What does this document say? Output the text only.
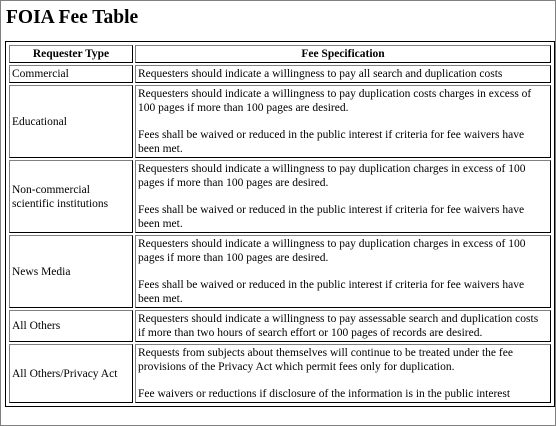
FOIA Fee Table
Requester Type	Fee Specification
Commercial	Requesters should indicate a willingness to pay all search and duplication costs

Educational	Requesters should indicate a willingness to pay duplication costs charges in excess of 100 pages if more than 100 pages are desired.

Fees shall be waived or reduced in the public interest if criteria for fee waivers have been met.

Non-commercial scientific institutions	Requesters should indicate a willingness to pay duplication charges in excess of 100 pages if more than 100 pages are desired.

Fees shall be waived or reduced in the public interest if criteria for fee waivers have been met.

News Media	Requesters should indicate a willingness to pay duplication charges in excess of 100 pages if more than 100 pages are desired.

Fees shall be waived or reduced in the public interest if criteria for fee waivers have been met.

All Others	Requesters should indicate a willingness to pay assessable search and duplication costs if more than two hours of search effort or 100 pages of records are desired.

All Others/Privacy Act	Requests from subjects about themselves will continue to be treated under the fee provisions of the Privacy Act which permit fees only for duplication.

Fee waivers or reductions if disclosure of the information is in the public interest
